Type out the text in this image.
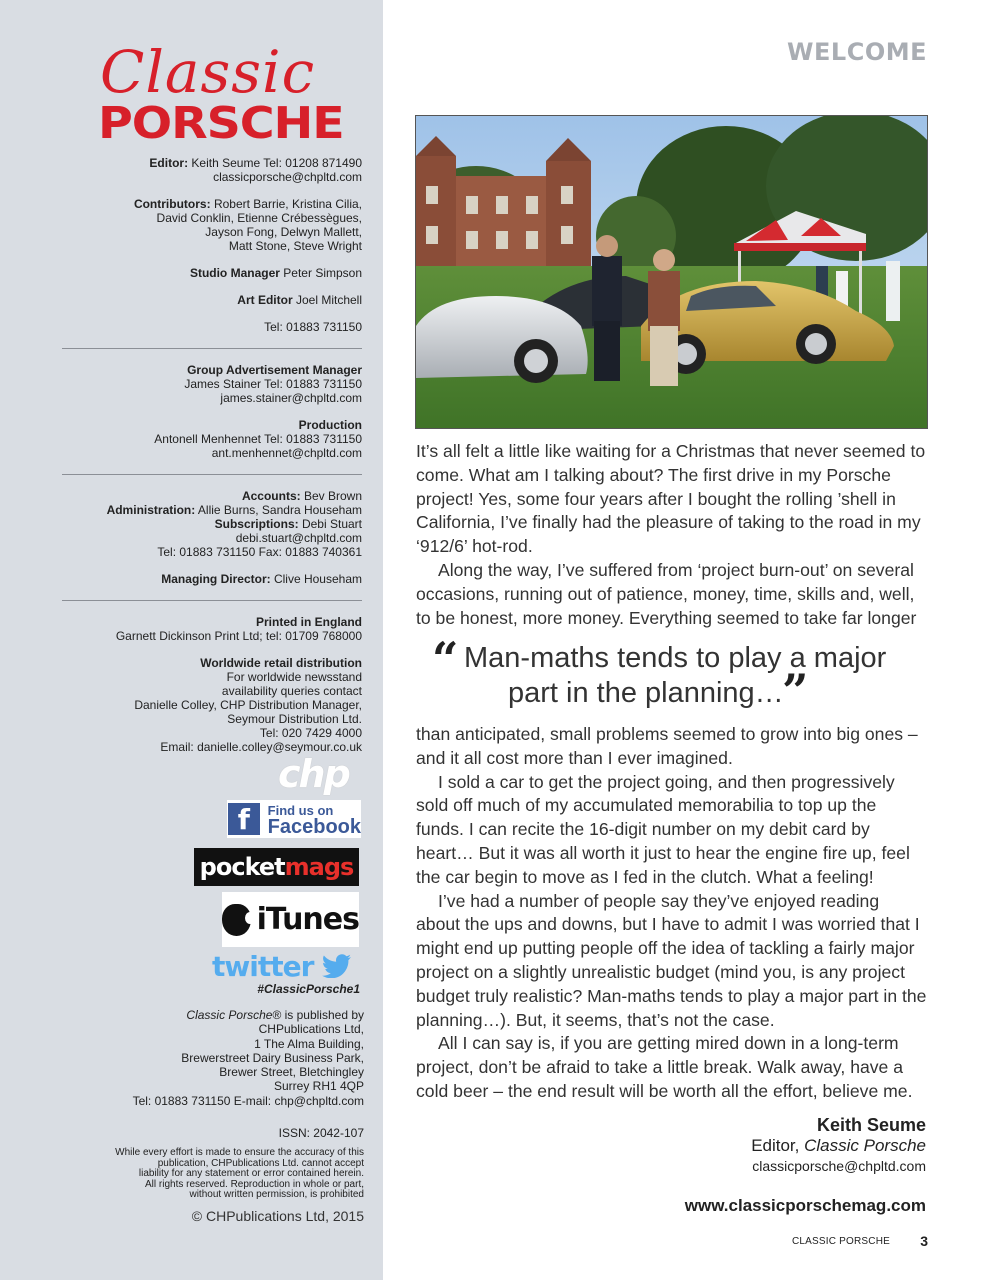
Classic
PORSCHE
Editor: Keith Seume Tel: 01208 871490
classicporsche@chpltd.com
Contributors: Robert Barrie, Kristina Cilia,
David Conklin, Etienne Crébessègues,
Jayson Fong, Delwyn Mallett,
Matt Stone, Steve Wright
Studio Manager Peter Simpson
Art Editor Joel Mitchell
Tel: 01883 731150
Group Advertisement Manager
James Stainer Tel: 01883 731150
james.stainer@chpltd.com
Production
Antonell Menhennet Tel: 01883 731150
ant.menhennet@chpltd.com
Accounts: Bev Brown
Administration: Allie Burns, Sandra Househam
Subscriptions: Debi Stuart
debi.stuart@chpltd.com
Tel: 01883 731150 Fax: 01883 740361
Managing Director: Clive Househam
Printed in England
Garnett Dickinson Print Ltd; tel: 01709 768000
Worldwide retail distribution
For worldwide newsstand
availability queries contact
Danielle Colley, CHP Distribution Manager,
Seymour Distribution Ltd.
Tel: 020 7429 4000
Email: danielle.colley@seymour.co.uk
chp
f	Find us on
Facebook
pocketmags
iTunes
twitter
#ClassicPorsche1
Classic Porsche® is published by
CHPublications Ltd,
1 The Alma Building,
Brewerstreet Dairy Business Park,
Brewer Street, Bletchingley
Surrey RH1 4QP
Tel: 01883 731150 E-mail: chp@chpltd.com
ISSN: 2042-107
While every effort is made to ensure the accuracy of this
publication, CHPublications Ltd. cannot accept
liability for any statement or error contained herein.
All rights reserved. Reproduction in whole or part,
without written permission, is prohibited
© CHPublications Ltd, 2015
WELCOME

It’s all felt a little like waiting for a Christmas that never seemed to come. What am I talking about? The first drive in my Porsche project! Yes, some four years after I bought the rolling ’shell in California, I’ve finally had the pleasure of taking to the road in my ‘912/6’ hot-rod.

Along the way, I’ve suffered from ‘project burn-out’ on several occasions, running out of patience, money, time, skills and, well, to be honest, more money. Everything seemed to take far longer

“ Man-maths tends to play a major
part in the planning…
”

than anticipated, small problems seemed to grow into big ones – and it all cost more than I ever imagined.

I sold a car to get the project going, and then progressively sold off much of my accumulated memorabilia to top up the funds. I can recite the 16-digit number on my debit card by heart… But it was all worth it just to hear the engine fire up, feel the car begin to move as I fed in the clutch. What a feeling!

I’ve had a number of people say they’ve enjoyed reading about the ups and downs, but I have to admit I was worried that I might end up putting people off the idea of tackling a fairly major project on a slightly unrealistic budget (mind you, is any project budget truly realistic? Man-maths tends to play a major part in the planning…). But, it seems, that’s not the case.

All I can say is, if you are getting mired down in a long-term project, don’t be afraid to take a little break. Walk away, have a cold beer – the end result will be worth all the effort, believe me.

Keith Seume
Editor, Classic Porsche
classicporsche@chpltd.com
www.classicporschemag.com
CLASSIC PORSCHE	3
